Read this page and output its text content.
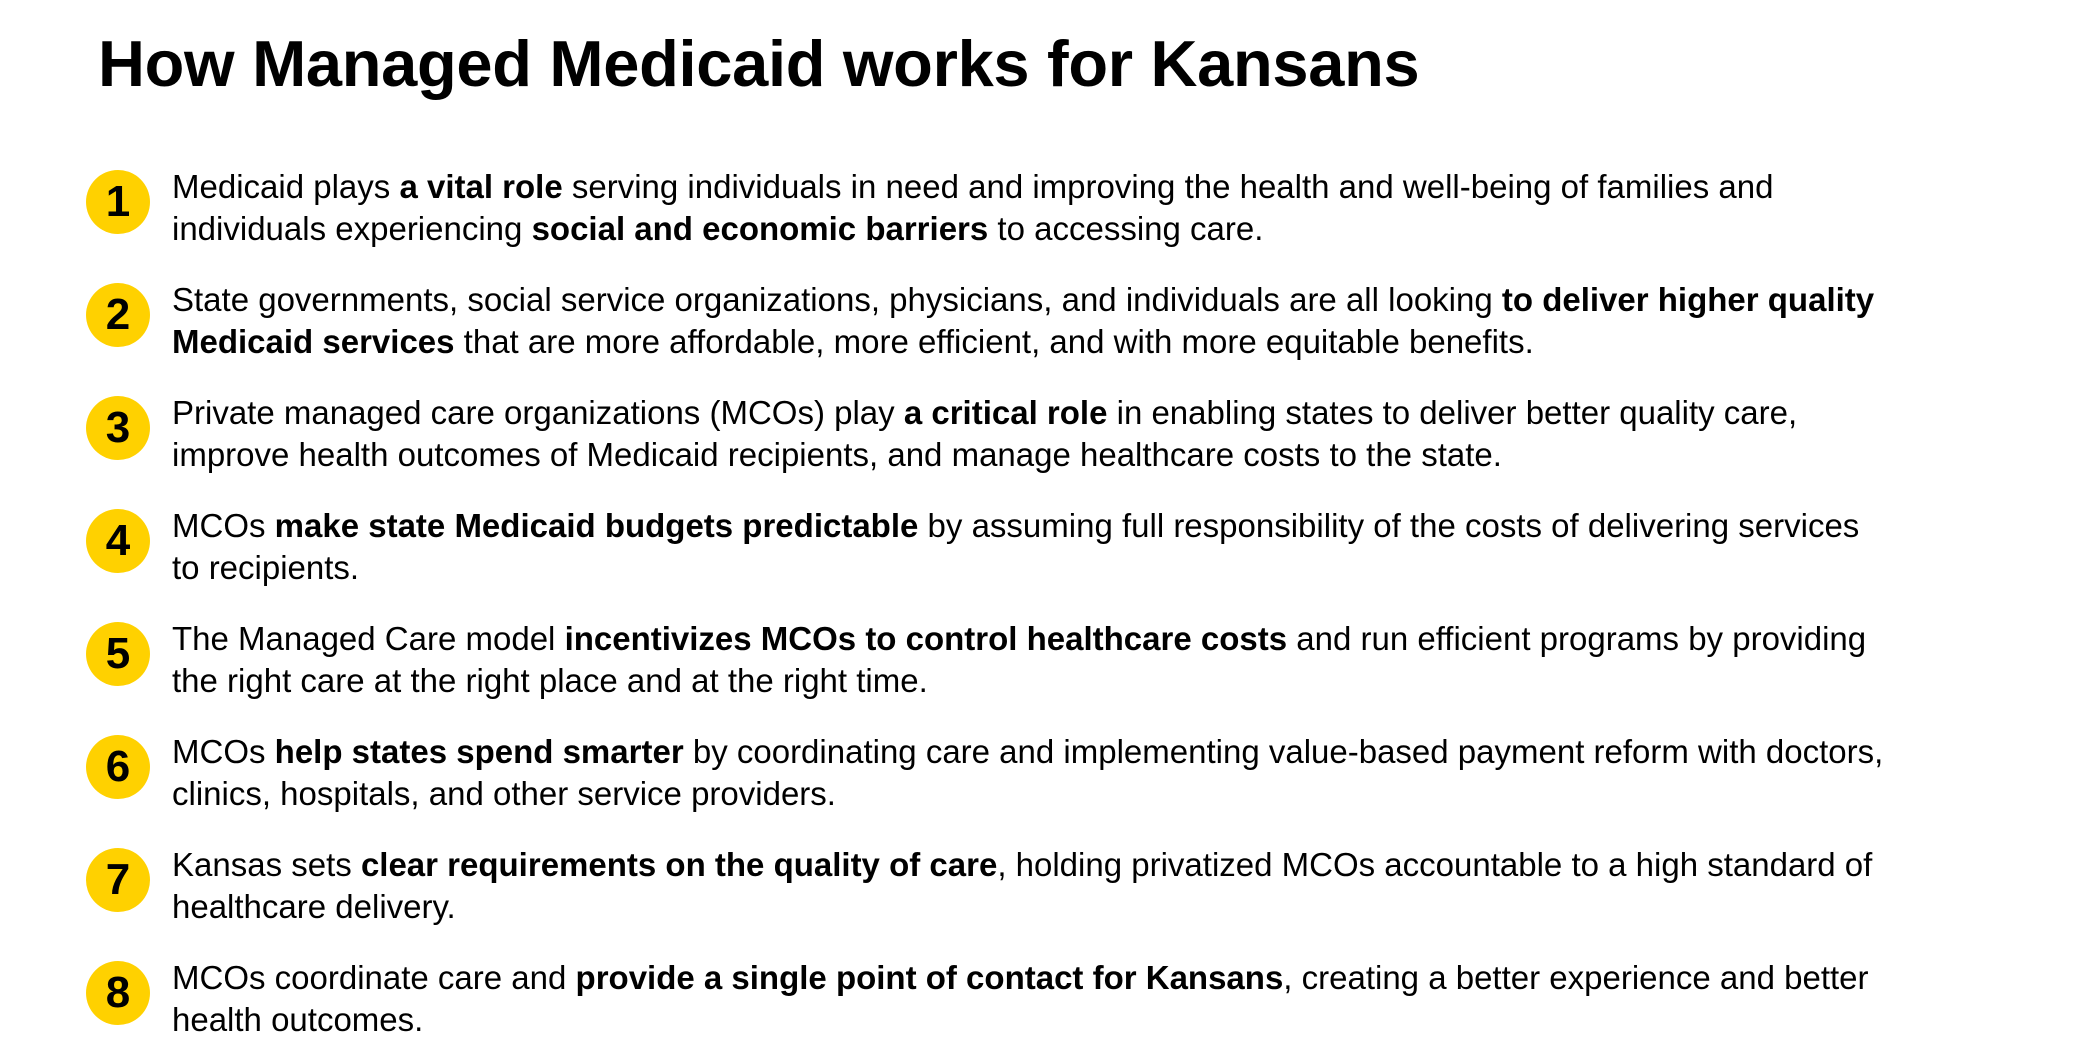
How Managed Medicaid works for Kansans
1	Medicaid plays a vital role serving individuals in need and improving the health and well-being of families and
individuals experiencing social and economic barriers to accessing care.
2	State governments, social service organizations, physicians, and individuals are all looking to deliver higher quality
Medicaid services that are more affordable, more efficient, and with more equitable benefits.
3	Private managed care organizations (MCOs) play a critical role in enabling states to deliver better quality care,
improve health outcomes of Medicaid recipients, and manage healthcare costs to the state.
4	MCOs make state Medicaid budgets predictable by assuming full responsibility of the costs of delivering services
to recipients.
5	The Managed Care model incentivizes MCOs to control healthcare costs and run efficient programs by providing
the right care at the right place and at the right time.
6	MCOs help states spend smarter by coordinating care and implementing value-based payment reform with doctors,
clinics, hospitals, and other service providers.
7	Kansas sets clear requirements on the quality of care, holding privatized MCOs accountable to a high standard of
healthcare delivery.
8	MCOs coordinate care and provide a single point of contact for Kansans, creating a better experience and better
health outcomes.
